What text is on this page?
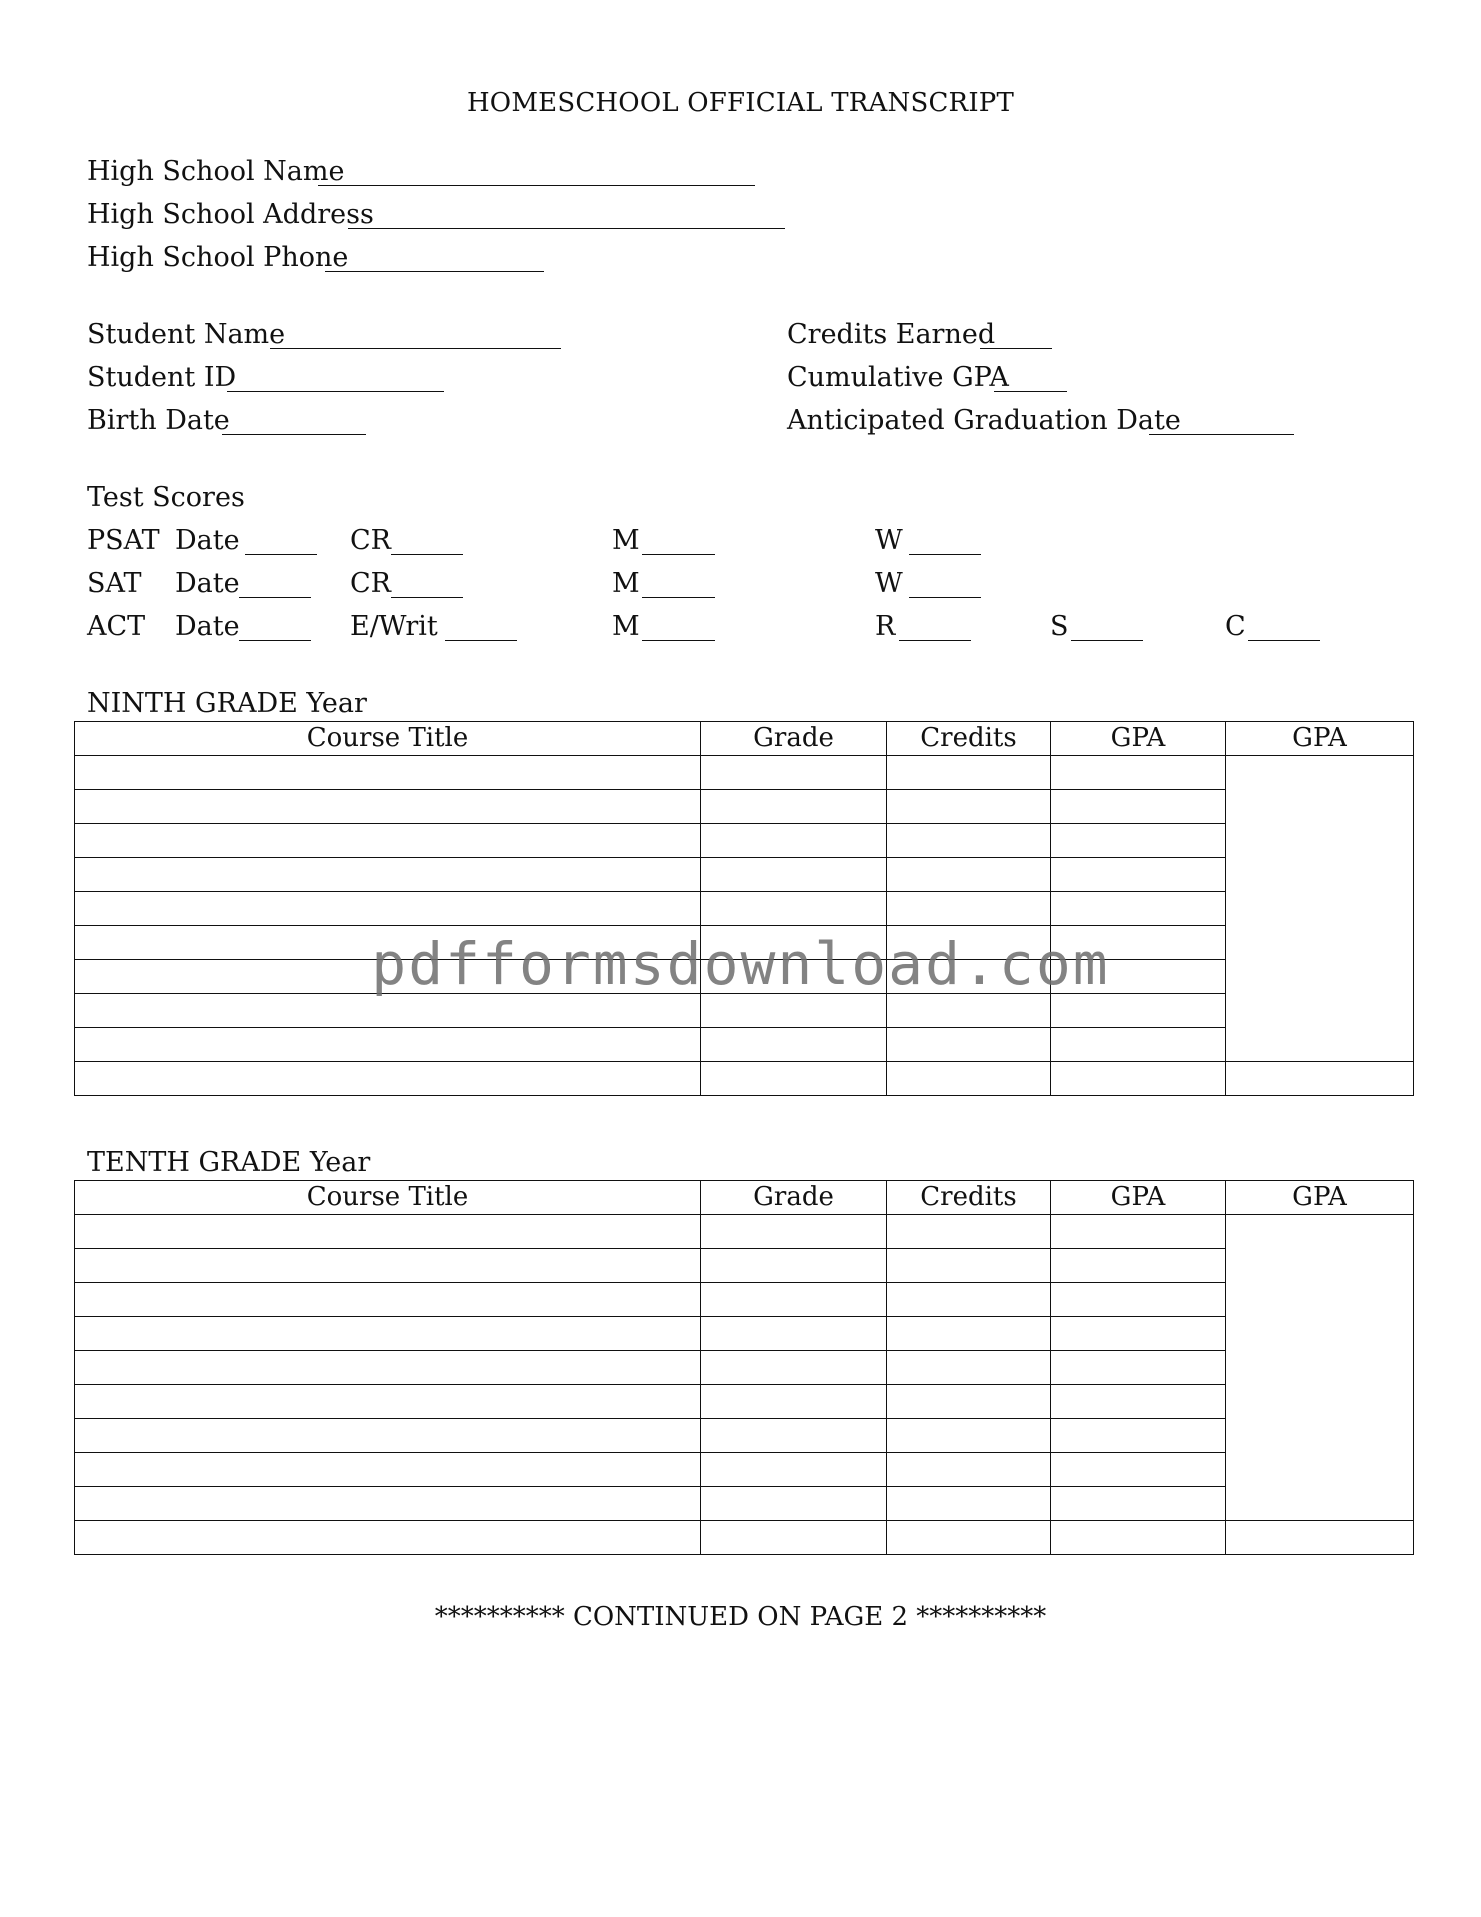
HOMESCHOOL OFFICIAL TRANSCRIPT
High School Name
High School Address
High School Phone
Student Name
Student ID
Birth Date
Credits Earned
Cumulative GPA
Anticipated Graduation Date
Test Scores
PSAT Date	CR	M	W
SAT Date	CR	M	W
ACT Date	E/Writ	M	R	S	C
NINTH GRADE Year
Course Title	Grade	Credits	GPA	GPA

TENTH GRADE Year
Course Title	Grade	Credits	GPA	GPA

pdfformsdownload.com
********** CONTINUED ON PAGE 2 **********
